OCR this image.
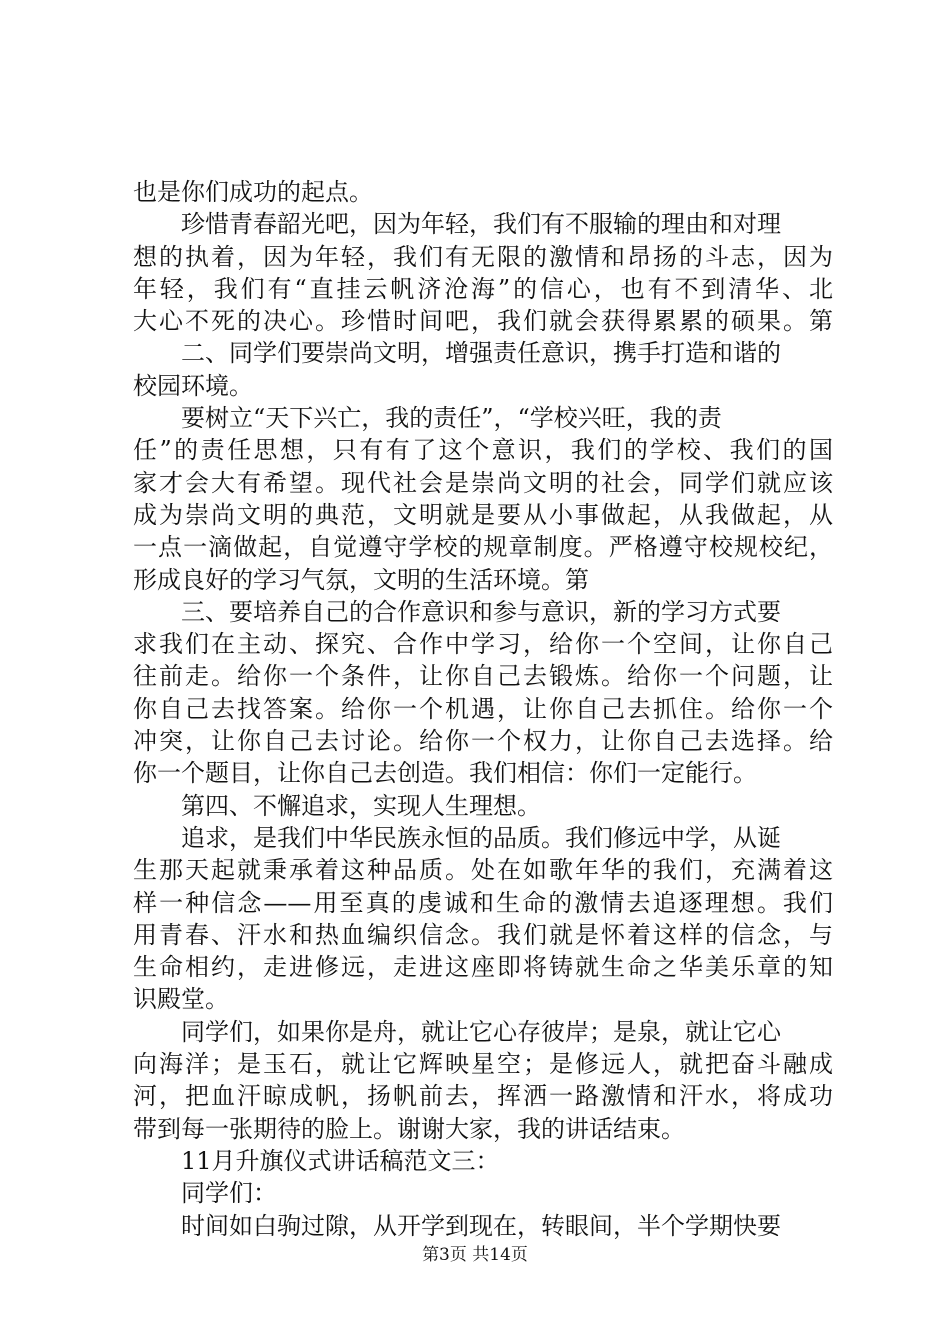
也是你们成功的起点。
珍惜青春韶光吧，因为年轻，我们有不服输的理由和对理
想的执着，因为年轻，我们有无限的激情和昂扬的斗志，因为
年轻，我们有“直挂云帆济沧海”的信心，也有不到清华、北
大心不死的决心。珍惜时间吧，我们就会获得累累的硕果。第
二、同学们要崇尚文明，增强责任意识，携手打造和谐的
校园环境。
要树立“天下兴亡，我的责任”，“学校兴旺，我的责
任”的责任思想，只有有了这个意识，我们的学校、我们的国
家才会大有希望。现代社会是崇尚文明的社会，同学们就应该
成为崇尚文明的典范，文明就是要从小事做起，从我做起，从
一点一滴做起，自觉遵守学校的规章制度。严格遵守校规校纪，
形成良好的学习气氛，文明的生活环境。第
三、要培养自己的合作意识和参与意识，新的学习方式要
求我们在主动、探究、合作中学习，给你一个空间，让你自己
往前走。给你一个条件，让你自己去锻炼。给你一个问题，让
你自己去找答案。给你一个机遇，让你自己去抓住。给你一个
冲突，让你自己去讨论。给你一个权力，让你自己去选择。给
你一个题目，让你自己去创造。我们相信：你们一定能行。
第四、不懈追求，实现人生理想。
追求，是我们中华民族永恒的品质。我们修远中学，从诞
生那天起就秉承着这种品质。处在如歌年华的我们，充满着这
样一种信念——用至真的虔诚和生命的激情去追逐理想。我们
用青春、汗水和热血编织信念。我们就是怀着这样的信念，与
生命相约，走进修远，走进这座即将铸就生命之华美乐章的知
识殿堂。
同学们，如果你是舟，就让它心存彼岸；是泉，就让它心
向海洋；是玉石，就让它辉映星空；是修远人，就把奋斗融成
河，把血汗晾成帆，扬帆前去，挥洒一路激情和汗水，将成功
带到每一张期待的脸上。谢谢大家，我的讲话结束。
11月升旗仪式讲话稿范文三：
同学们：
时间如白驹过隙，从开学到现在，转眼间，半个学期快要
第3页 共14页
